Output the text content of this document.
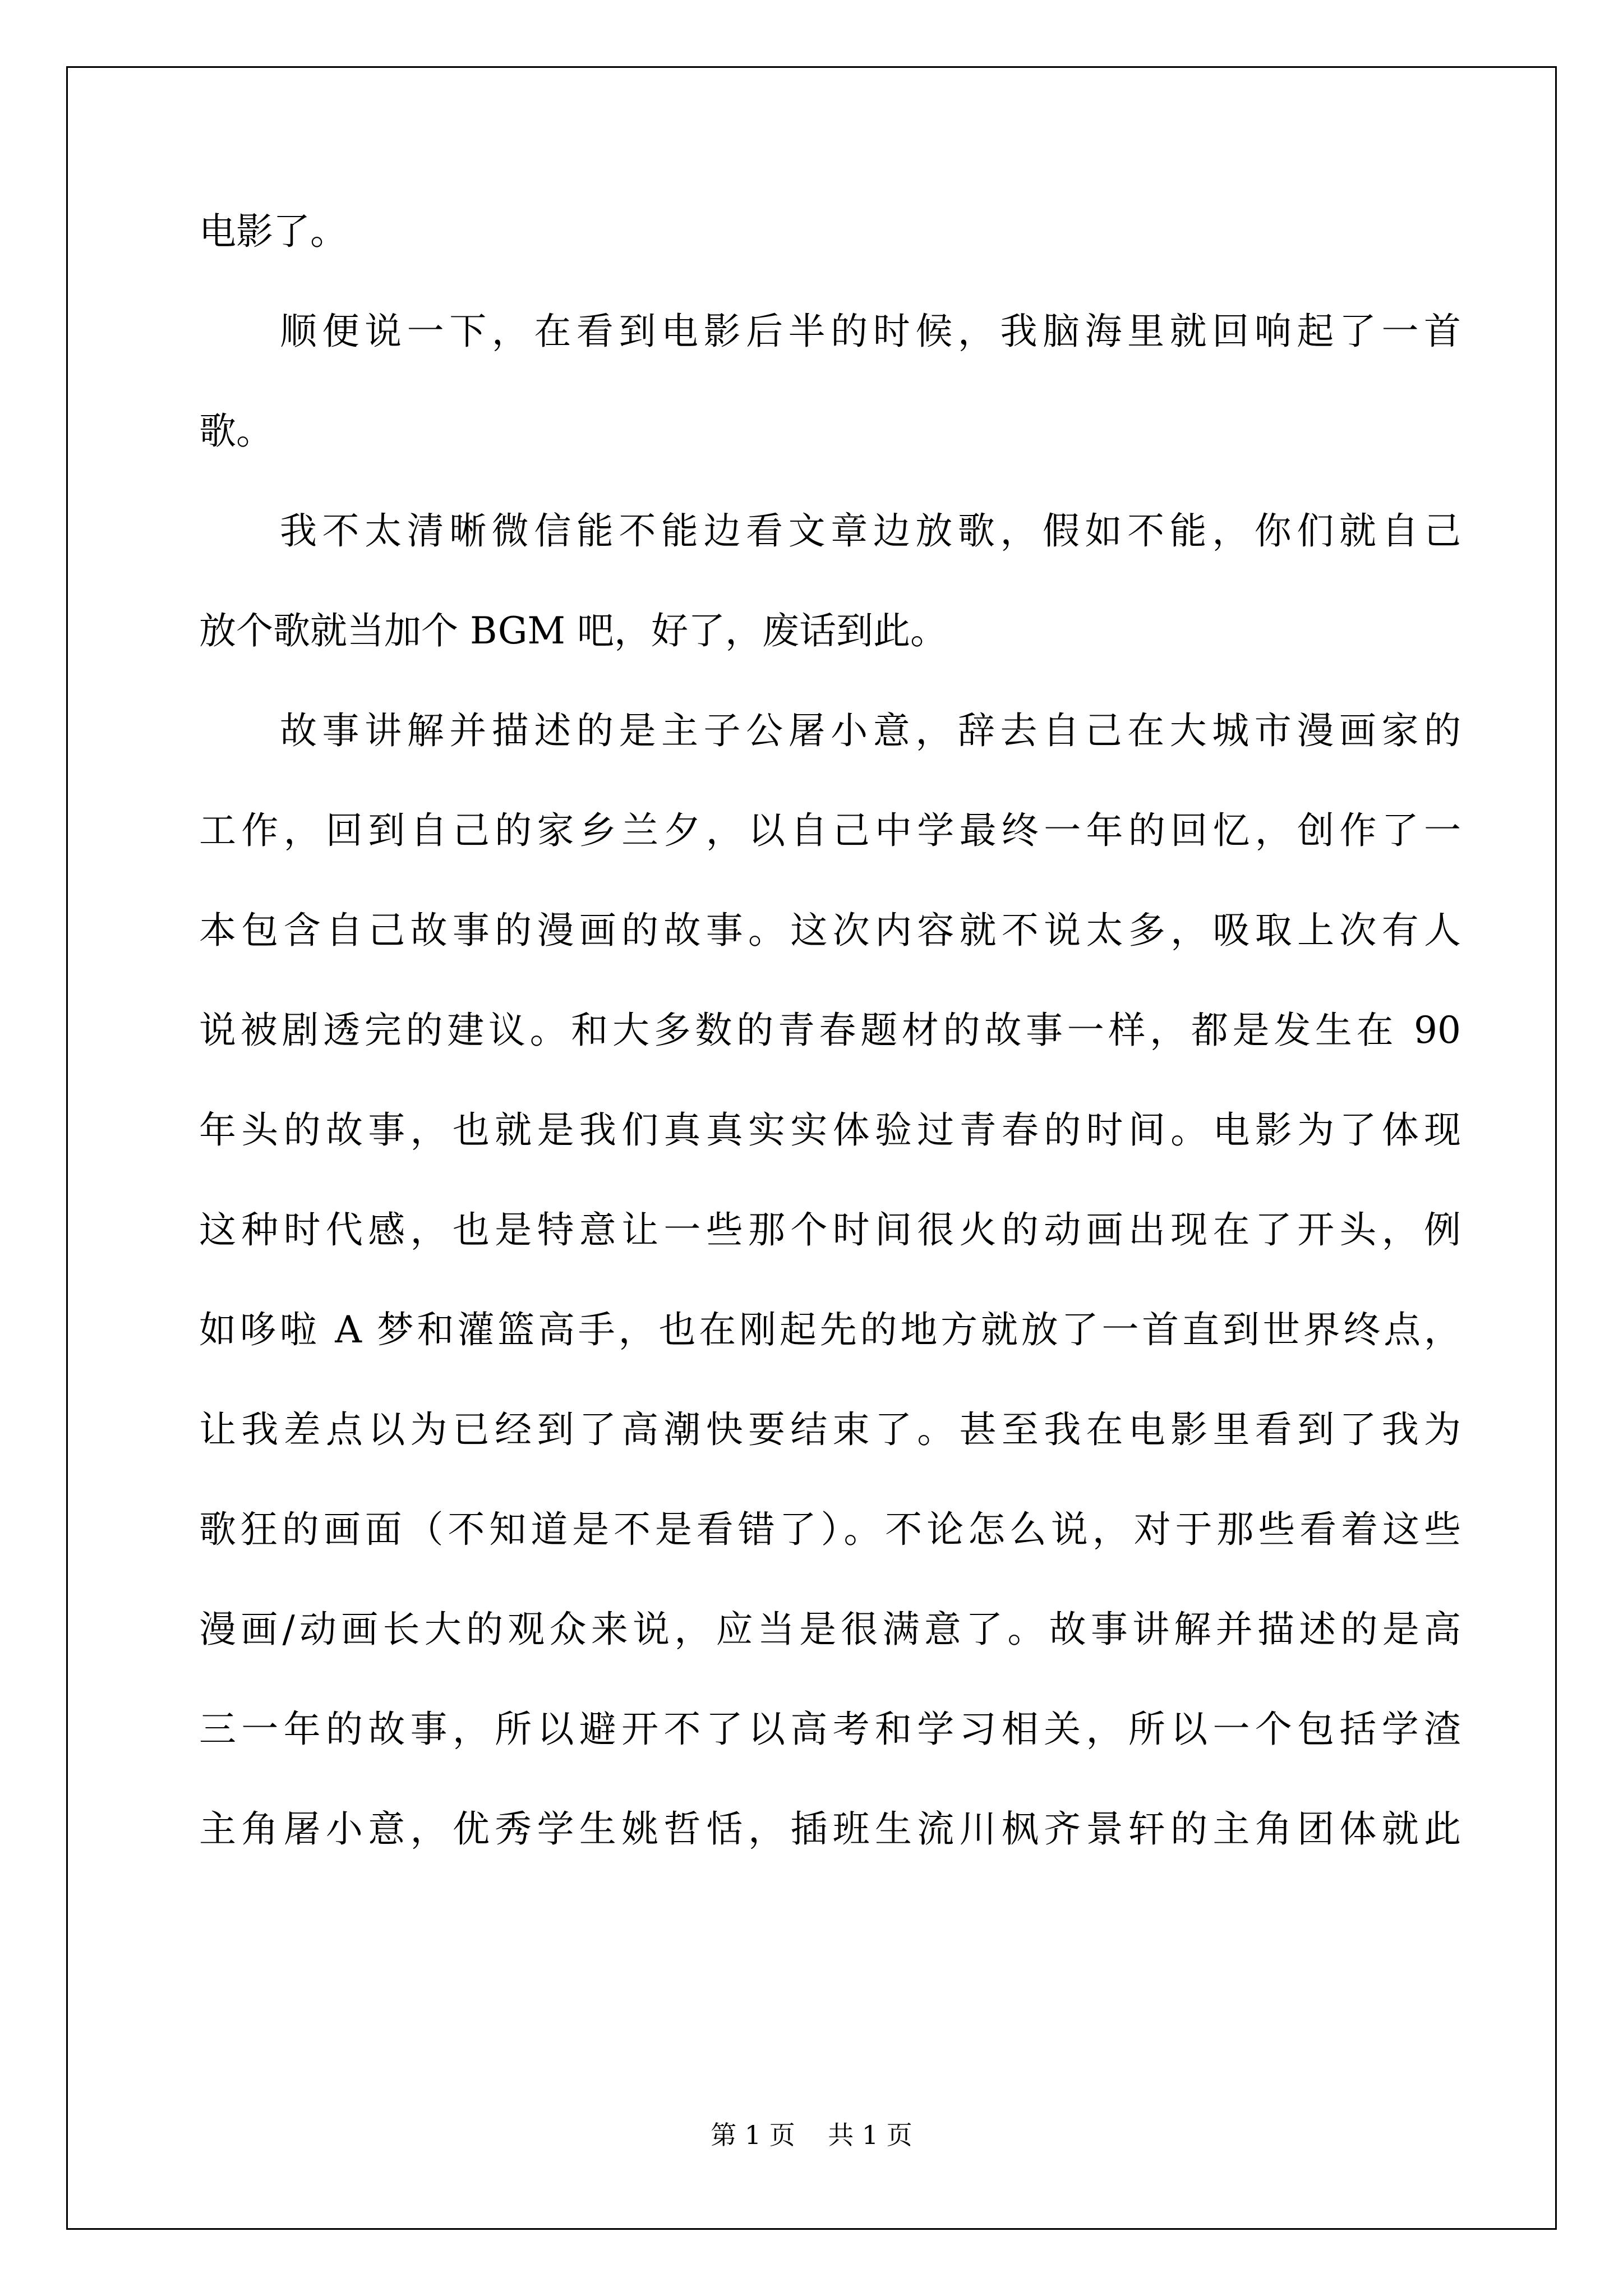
电影了。
顺便说一下，在看到电影后半的时候，我脑海里就回响起了一首
歌。
我不太清晰微信能不能边看文章边放歌，假如不能，你们就自己
放个歌就当加个 BGM 吧，好了，废话到此。
故事讲解并描述的是主子公屠小意，辞去自己在大城市漫画家的
工作，回到自己的家乡兰夕，以自己中学最终一年的回忆，创作了一
本包含自己故事的漫画的故事。这次内容就不说太多，吸取上次有人
说被剧透完的建议。和大多数的青春题材的故事一样，都是发生在 90
年头的故事，也就是我们真真实实体验过青春的时间。电影为了体现
这种时代感，也是特意让一些那个时间很火的动画出现在了开头，例
如哆啦 A 梦和灌篮高手，也在刚起先的地方就放了一首直到世界终点，
让我差点以为已经到了高潮快要结束了。甚至我在电影里看到了我为
歌狂的画面（不知道是不是看错了）。不论怎么说，对于那些看着这些
漫画/动画长大的观众来说，应当是很满意了。故事讲解并描述的是高
三一年的故事，所以避开不了以高考和学习相关，所以一个包括学渣
主角屠小意，优秀学生姚哲恬，插班生流川枫齐景轩的主角团体就此
第 1 页    共 1 页
